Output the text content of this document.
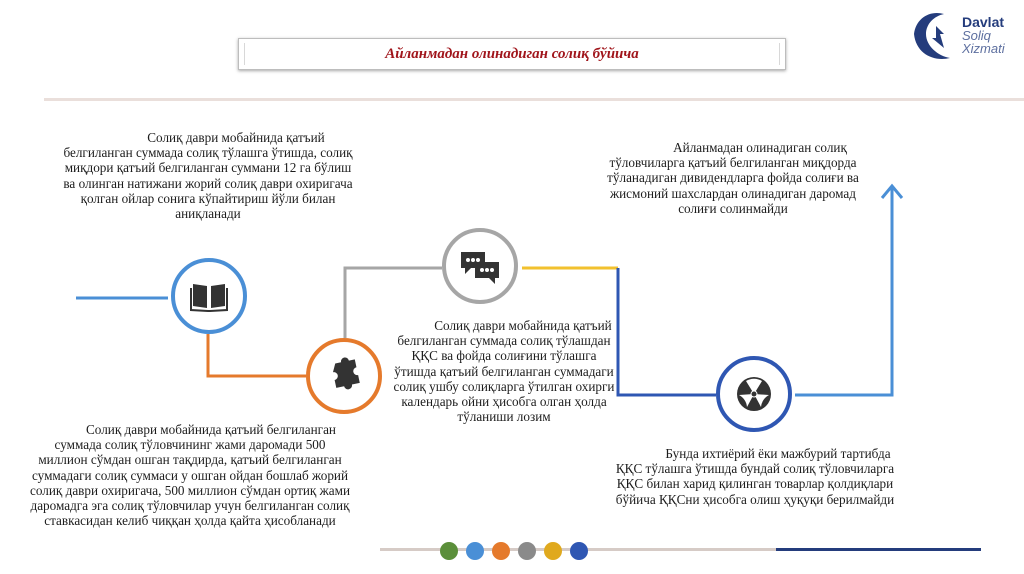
Davlat
Soliq
Xizmati
Айланмадан олинадиган солиқ бўйича
Солиқ даври мобайнида қатъий белгиланган суммада солиқ тўлашга ўтишда, солиқ миқдори қатъий белгиланган суммани 12 га бўлиш ва олинган натижани жорий солиқ даври охиригача қолган ойлар сонига кўпайтириш йўли билан аниқланади
Солиқ даври мобайнида қатъий белгиланган суммада солиқ тўловчининг жами даромади 500 миллион сўмдан ошган тақдирда, қатъий белгиланган суммадаги солиқ суммаси у ошган ойдан бошлаб жорий солиқ даври охиригача, 500 миллион сўмдан ортиқ жами даромадга эга солиқ тўловчилар учун белгиланган солиқ ставкасидан келиб чиққан ҳолда қайта ҳисобланади
Солиқ даври мобайнида қатъий белгиланган суммада солиқ тўлашдан ҚҚС ва фойда солиғини тўлашга ўтишда қатъий белгиланган суммадаги солиқ ушбу солиқларга ўтилган охирги календарь ойни ҳисобга олган ҳолда тўланиши лозим
Айланмадан олинадиган солиқ тўловчиларга қатъий белгиланган миқдорда тўланадиган дивидендларга фойда солиғи ва жисмоний шахслардан олинадиган даромад солиғи солинмайди
Бунда ихтиёрий ёки мажбурий тартибда ҚҚС тўлашга ўтишда бундай солиқ тўловчиларга ҚҚС билан харид қилинган товарлар қолдиқлари бўйича ҚҚСни ҳисобга олиш ҳуқуқи берилмайди
